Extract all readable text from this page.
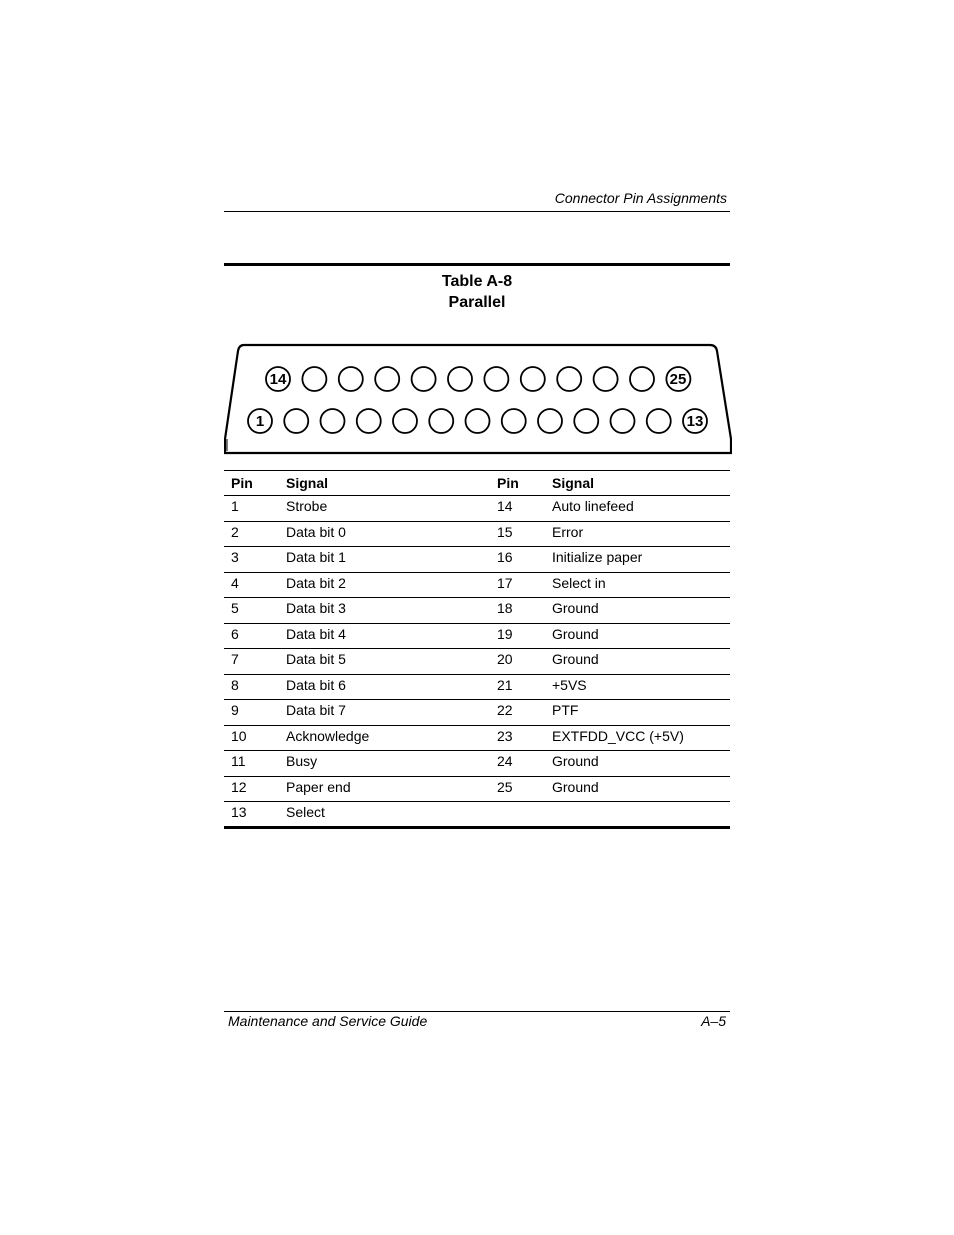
Connector Pin Assignments
Table A-8
Parallel
14	25
1	13
Pin	Signal	Pin	Signal
1	Strobe	14	Auto linefeed
2	Data bit 0	15	Error
3	Data bit 1	16	Initialize paper
4	Data bit 2	17	Select in
5	Data bit 3	18	Ground
6	Data bit 4	19	Ground
7	Data bit 5	20	Ground
8	Data bit 6	21	+5VS
9	Data bit 7	22	PTF
10	Acknowledge	23	EXTFDD_VCC (+5V)
11	Busy	24	Ground
12	Paper end	25	Ground
13	Select		
Maintenance and Service Guide	A–5
